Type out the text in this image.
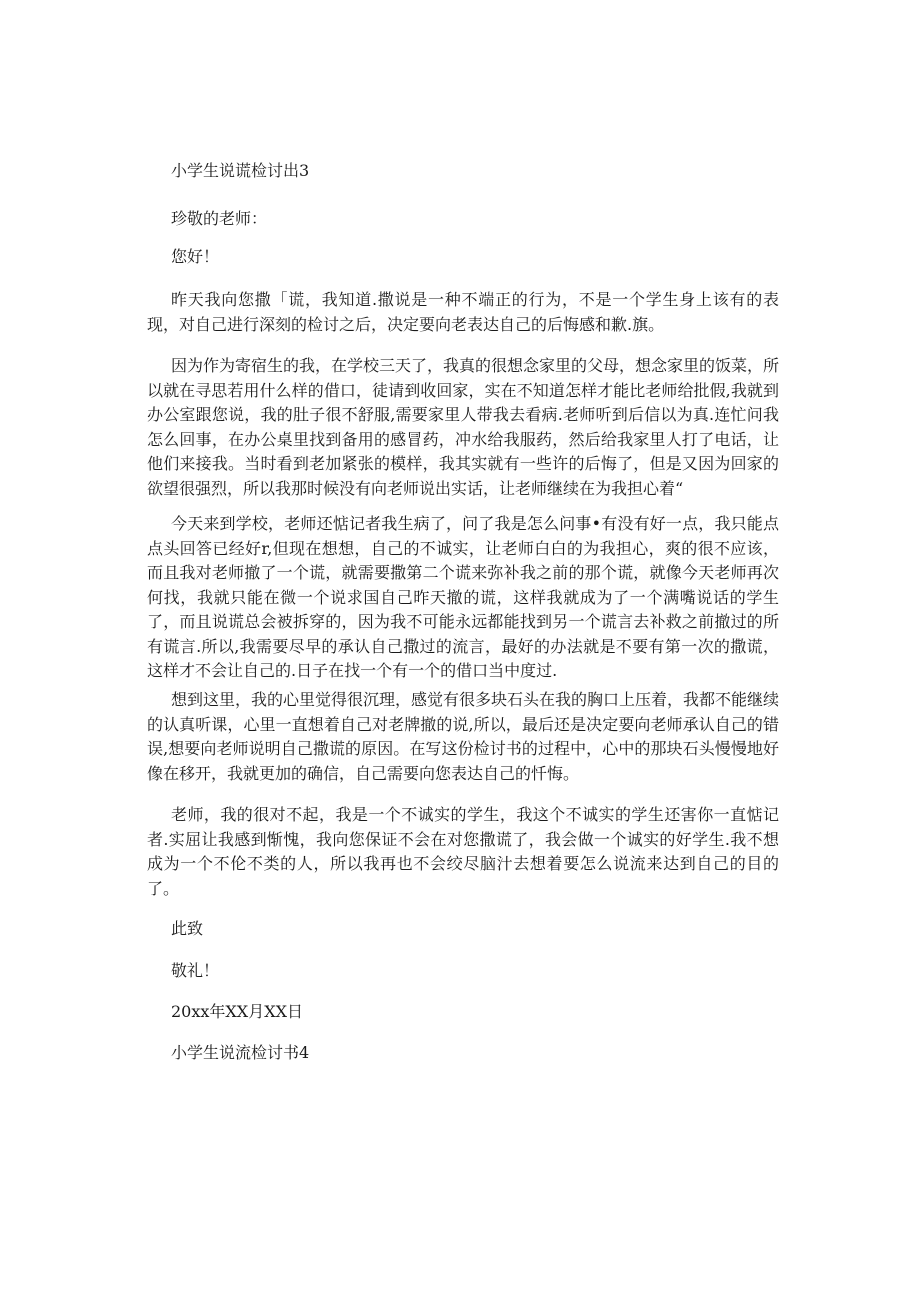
小学生说谎检讨出3
珍敬的老师：
您好！

昨天我向您撒「谎，我知道.撒说是一种不端正的行为，不是一个学生身上该有的表现，对自己进行深刻的检讨之后，决定要向老表达自己的后悔感和歉.旗。

因为作为寄宿生的我，在学校三天了，我真的很想念家里的父母，想念家里的饭菜，所以就在寻思若用什么样的借口，徒请到收回家，实在不知道怎样才能比老师给批假,我就到办公室跟您说，我的肚子很不舒服,需要家里人带我去看病.老师听到后信以为真.连忙问我怎么回事，在办公桌里找到备用的感冒药，冲水给我服药，然后给我家里人打了电话，让他们来接我。当时看到老加紧张的模样，我其实就有一些许的后悔了，但是又因为回家的欲望很强烈，所以我那时候没有向老师说出实话，让老师继续在为我担心着“

今天来到学校，老师还惦记者我生病了，问了我是怎么问事•有没有好一点，我只能点点头回答已经好r,但现在想想，自己的不诚实，让老师白白的为我担心，爽的很不应该，而且我对老师撤了一个谎，就需要撒第二个谎来弥补我之前的那个谎，就像今天老师再次何找，我就只能在微一个说求国自己昨天撤的谎，这样我就成为了一个满嘴说话的学生了，而且说谎总会被拆穿的，因为我不可能永远都能找到另一个谎言去补救之前撤过的所有谎言.所以,我需要尽早的承认自己撒过的流言，最好的办法就是不要有第一次的撒谎，这样才不会让自己的.日子在找一个有一个的借口当中度过.

想到这里，我的心里觉得很沉理，感觉有很多块石头在我的胸口上压着，我都不能继续的认真听课，心里一直想着自己对老牌撤的说,所以，最后还是决定要向老师承认自己的错误,想要向老师说明自己撒谎的原因。在写这份检讨书的过程中，心中的那块石头慢慢地好像在移开，我就更加的确信，自己需要向您表达自己的忏悔。

老师，我的很对不起，我是一个不诚实的学生，我这个不诚实的学生还害你一直惦记者.实屈让我感到惭愧，我向您保证不会在对您撒谎了，我会做一个诚实的好学生.我不想成为一个不伦不类的人，所以我再也不会绞尽脑汁去想着要怎么说流来达到自己的目的了。

此致
敬礼！
20xx年XX月XX日
小学生说流检讨书4
